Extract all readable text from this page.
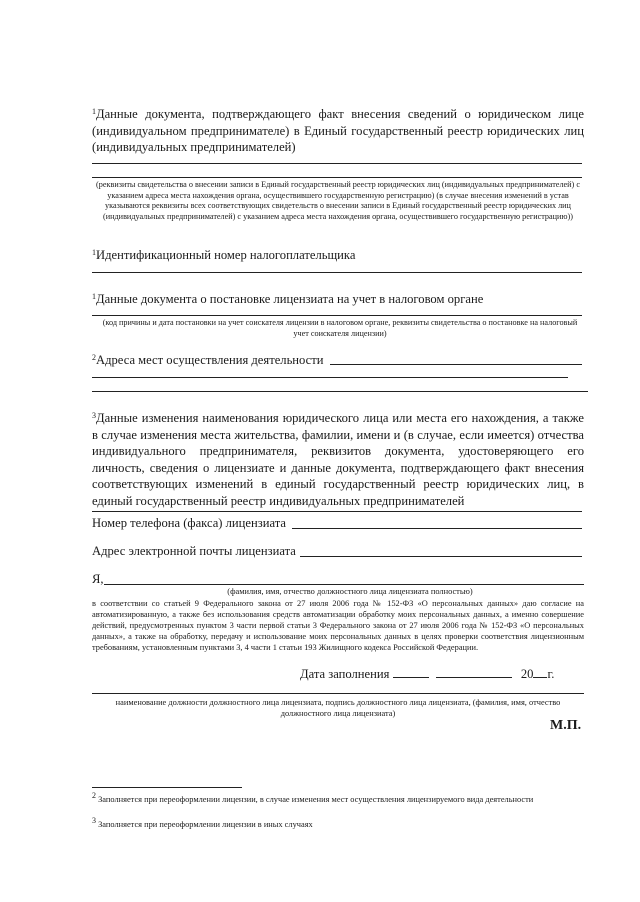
$^1$Данные документа, подтверждающего факт внесения сведений о юридическом лице (индивидуальном предпринимателе) в Единый государственный реестр юридических лиц (индивидуальных предпринимателей)
(реквизиты свидетельства о внесении записи в Единый государственный реестр юридических лиц (индивидуальных предпринимателей) с указанием адреса места нахождения органа, осуществившего государственную регистрацию) (в случае внесения изменений в устав указываются реквизиты всех соответствующих свидетельств о внесении записи в Единый государственный реестр юридических лиц (индивидуальных предпринимателей) с указанием адреса места нахождения органа, осуществившего государственную регистрацию))
$^1$Идентификационный номер налогоплательщика
$^1$Данные документа о постановке лицензиата на учет в налоговом органе
(код причины и дата постановки на учет соискателя лицензии в налоговом органе, реквизиты свидетельства о постановке на налоговый учет соискателя лицензии)
$^2$Адреса мест осуществления деятельности
$^3$Данные изменения наименования юридического лица или места его нахождения, а также в случае изменения места жительства, фамилии, имени и (в случае, если имеется) отчества индивидуального предпринимателя, реквизитов документа, удостоверяющего его личность, сведения о лицензиате и данные документа, подтверждающего факт внесения соответствующих изменений в единый государственный реестр юридических лиц, в единый государственный реестр индивидуальных предпринимателей
Номер телефона (факса) лицензиата
Адрес электронной почты лицензиата
Я,
(фамилия, имя, отчество должностного лица лицензиата полностью)
в соответствии со статьей 9 Федерального закона от 27 июля 2006 года № 152-ФЗ «О персональных данных» даю согласие на автоматизированную, а также без использования средств автоматизации обработку моих персональных данных, а именно совершение действий, предусмотренных пунктом 3 части первой статьи 3 Федерального закона от 27 июля 2006 года № 152-ФЗ «О персональных данных», а также на обработку, передачу и использование моих персональных данных в целях проверки соответствия лицензионным требованиям, установленным пунктами 3, 4 части 1 статьи 193 Жилищного кодекса Российской Федерации.
Дата заполнения	20 г.
наименование должности должностного лица лицензиата, подпись должностного лица лицензиата, (фамилия, имя, отчество должностного лица лицензиата)
М.П.
2 Заполняется при переоформлении лицензии, в случае изменения мест осуществления лицензируемого вида деятельности
3 Заполняется при переоформлении лицензии в иных случаях
